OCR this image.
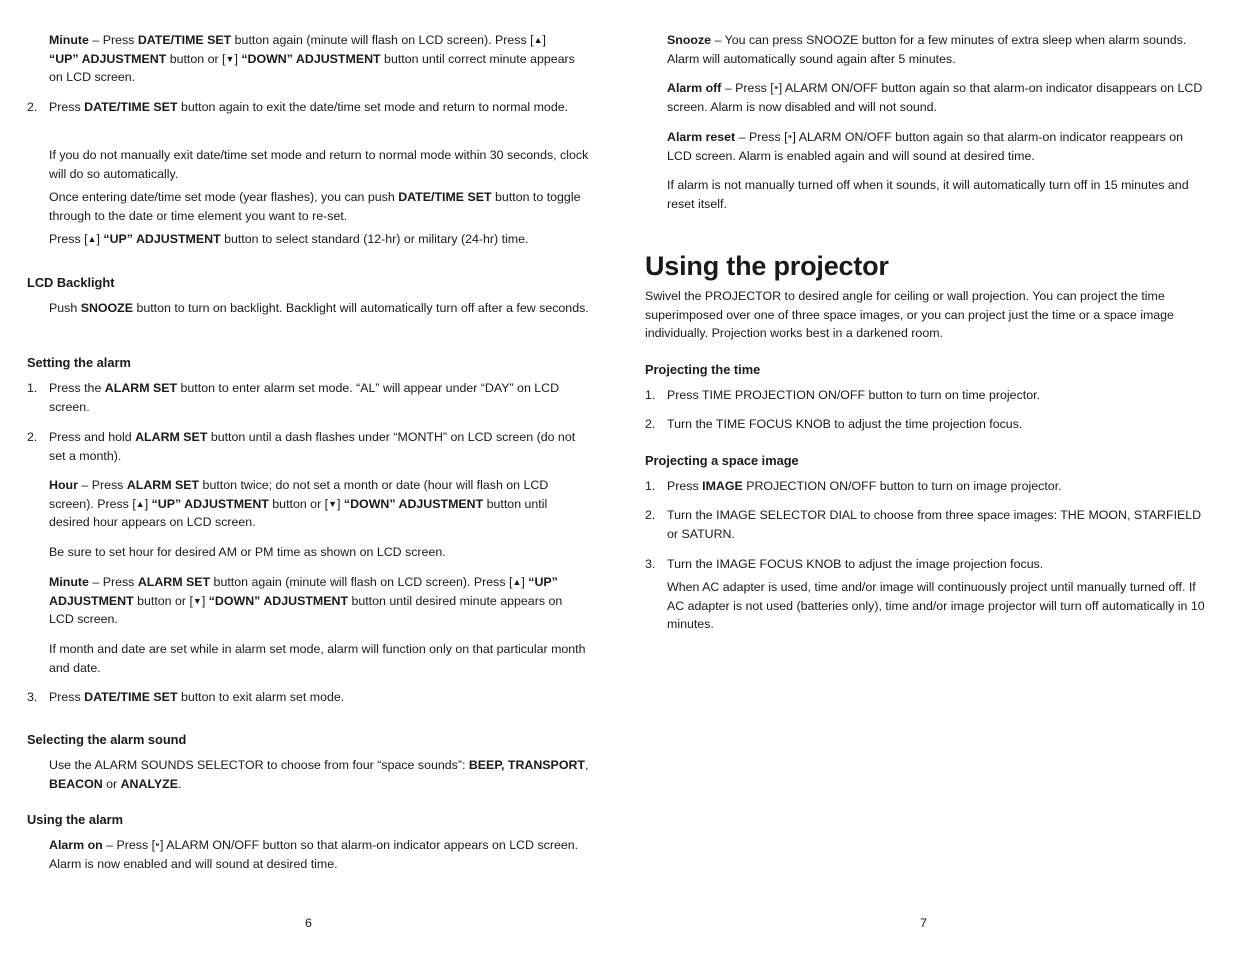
Minute – Press DATE/TIME SET button again (minute will flash on LCD screen). Press [▲]
“UP” ADJUSTMENT button or [▼] “DOWN” ADJUSTMENT button until correct minute appears on LCD screen.

2. Press DATE/TIME SET button again to exit the date/time set mode and return to normal mode.

If you do not manually exit date/time set mode and return to normal mode within 30 seconds, clock will do so automatically.

Once entering date/time set mode (year flashes), you can push DATE/TIME SET button to toggle through to the date or time element you want to re-set.

Press [▲] “UP” ADJUSTMENT button to select standard (12-hr) or military (24-hr) time.

LCD Backlight

Push SNOOZE button to turn on backlight. Backlight will automatically turn off after a few seconds.

Setting the alarm

1. Press the ALARM SET button to enter alarm set mode. “AL” will appear under “DAY” on LCD screen.

2. Press and hold ALARM SET button until a dash flashes under “MONTH” on LCD screen (do not set a month).

Hour – Press ALARM SET button twice; do not set a month or date (hour will flash on LCD screen). Press [▲] “UP” ADJUSTMENT button or [▼] “DOWN” ADJUSTMENT button until desired hour appears on LCD screen.

Be sure to set hour for desired AM or PM time as shown on LCD screen.

Minute – Press ALARM SET button again (minute will flash on LCD screen). Press [▲] “UP” ADJUSTMENT button or [▼] “DOWN” ADJUSTMENT button until desired minute appears on LCD screen.

If month and date are set while in alarm set mode, alarm will function only on that particular month and date.

3. Press DATE/TIME SET button to exit alarm set mode.

Selecting the alarm sound

Use the ALARM SOUNDS SELECTOR to choose from four “space sounds”: BEEP, TRANSPORT,
BEACON or ANALYZE.

Using the alarm

Alarm on – Press [⁍] ALARM ON/OFF button so that alarm-on indicator appears on LCD screen. Alarm is now enabled and will sound at desired time.

6

Snooze – You can press SNOOZE button for a few minutes of extra sleep when alarm sounds. Alarm will automatically sound again after 5 minutes.

Alarm off – Press [⁍] ALARM ON/OFF button again so that alarm-on indicator disappears on LCD screen. Alarm is now disabled and will not sound.

Alarm reset – Press [⁍] ALARM ON/OFF button again so that alarm-on indicator reappears on LCD screen. Alarm is enabled again and will sound at desired time.

If alarm is not manually turned off when it sounds, it will automatically turn off in 15 minutes and reset itself.

Using the projector

Swivel the PROJECTOR to desired angle for ceiling or wall projection. You can project the time superimposed over one of three space images, or you can project just the time or a space image individually. Projection works best in a darkened room.

Projecting the time

1. Press TIME PROJECTION ON/OFF button to turn on time projector.

2. Turn the TIME FOCUS KNOB to adjust the time projection focus.

Projecting a space image

1. Press IMAGE PROJECTION ON/OFF button to turn on image projector.

2. Turn the IMAGE SELECTOR DIAL to choose from three space images: THE MOON, STARFIELD or SATURN.

3. Turn the IMAGE FOCUS KNOB to adjust the image projection focus.

When AC adapter is used, time and/or image will continuously project until manually turned off. If AC adapter is not used (batteries only), time and/or image projector will turn off automatically in 10 minutes.

7
